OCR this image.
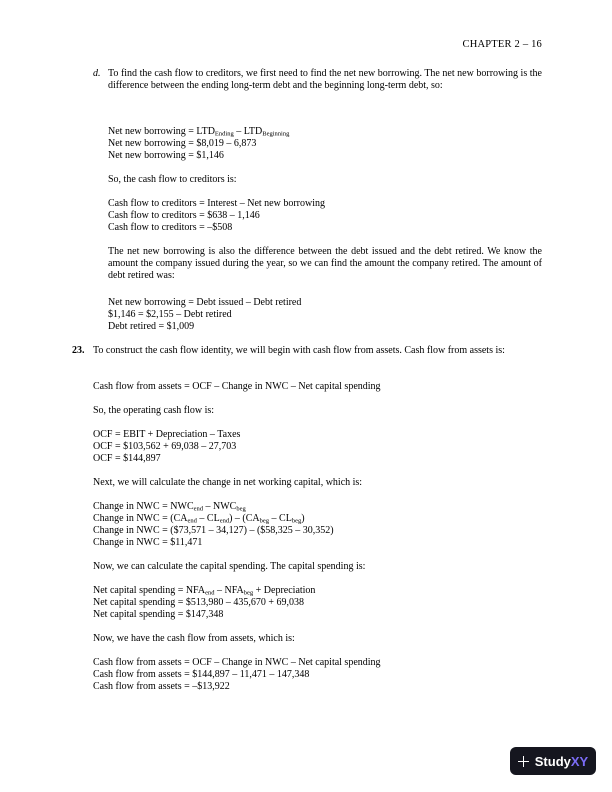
CHAPTER 2 – 16
d. To find the cash flow to creditors, we first need to find the net new borrowing. The net new borrowing is the difference between the ending long-term debt and the beginning long-term debt, so:

Net new borrowing = $LTD_{Ending} - LTD_{Beginning}$
Net new borrowing = $8,019 – 6,873
Net new borrowing = $1,146
So, the cash flow to creditors is:
Cash flow to creditors = Interest – Net new borrowing
Cash flow to creditors = $638 – 1,146
Cash flow to creditors = –$508

The net new borrowing is also the difference between the debt issued and the debt retired. We know the amount the company issued during the year, so we can find the amount the company retired. The amount of debt retired was:

Net new borrowing = Debt issued – Debt retired
$1,146 = $2,155 – Debt retired
Debt retired = $1,009
23. To construct the cash flow identity, we will begin with cash flow from assets. Cash flow from assets is:

Cash flow from assets = OCF – Change in NWC – Net capital spending
So, the operating cash flow is:
OCF = EBIT + Depreciation – Taxes
OCF = $103,562 + 69,038 – 27,703
OCF = $144,897
Next, we will calculate the change in net working capital, which is:
Change in NWC = $NWC_{end} - NWC_{beg}$
Change in NWC = $(CA_{end} - CL_{end}) - (CA_{beg} - CL_{beg})$
Change in NWC = ($73,571 – 34,127) – ($58,325 – 30,352)
Change in NWC = $11,471
Now, we can calculate the capital spending. The capital spending is:
Net capital spending = $NFA_{end} - NFA_{beg}$ + Depreciation
Net capital spending = $513,980 – 435,670 + 69,038
Net capital spending = $147,348
Now, we have the cash flow from assets, which is:
Cash flow from assets = OCF – Change in NWC – Net capital spending
Cash flow from assets = $144,897 – 11,471 – 147,348
Cash flow from assets = –$13,922
StudyXY
